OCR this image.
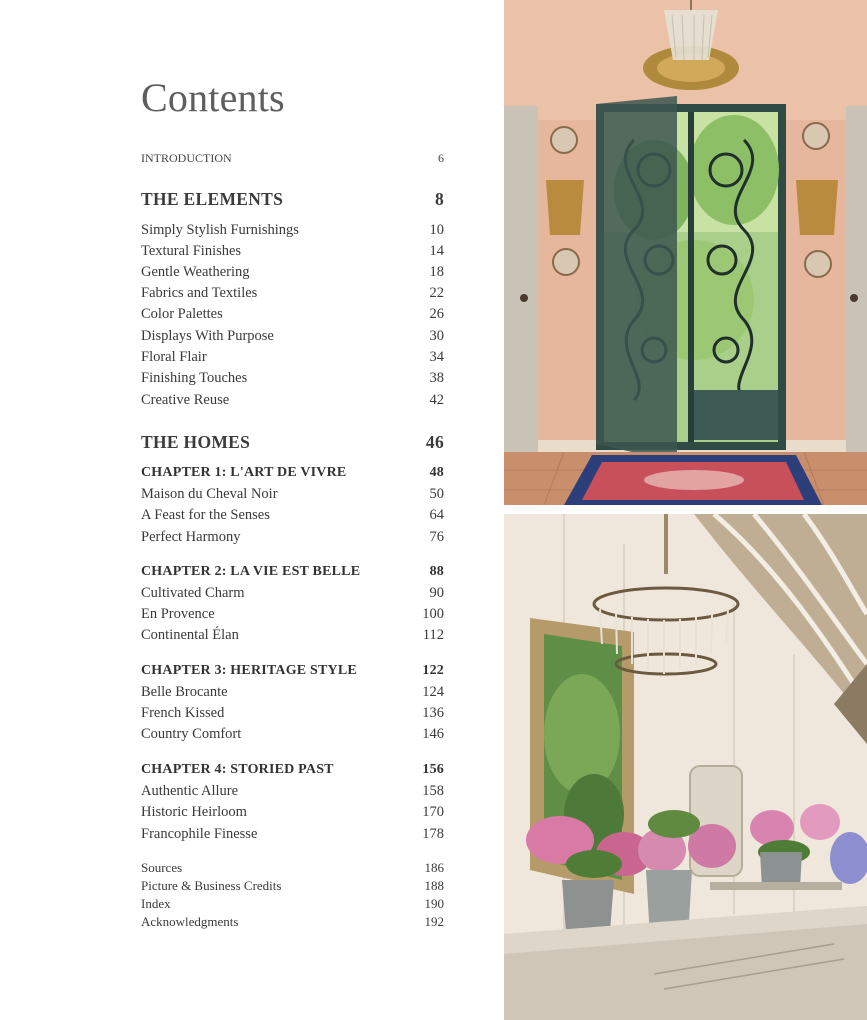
Contents
INTRODUCTION	6
THE ELEMENTS	8
Simply Stylish Furnishings	10
Textural Finishes	14
Gentle Weathering	18
Fabrics and Textiles	22
Color Palettes	26
Displays With Purpose	30
Floral Flair	34
Finishing Touches	38
Creative Reuse	42
THE HOMES	46
CHAPTER 1: L'ART DE VIVRE	48
Maison du Cheval Noir	50
A Feast for the Senses	64
Perfect Harmony	76
CHAPTER 2: LA VIE EST BELLE	88
Cultivated Charm	90
En Provence	100
Continental Élan	112
CHAPTER 3: HERITAGE STYLE	122
Belle Brocante	124
French Kissed	136
Country Comfort	146
CHAPTER 4: STORIED PAST	156
Authentic Allure	158
Historic Heirloom	170
Francophile Finesse	178
Sources	186
Picture & Business Credits	188
Index	190
Acknowledgments	192
